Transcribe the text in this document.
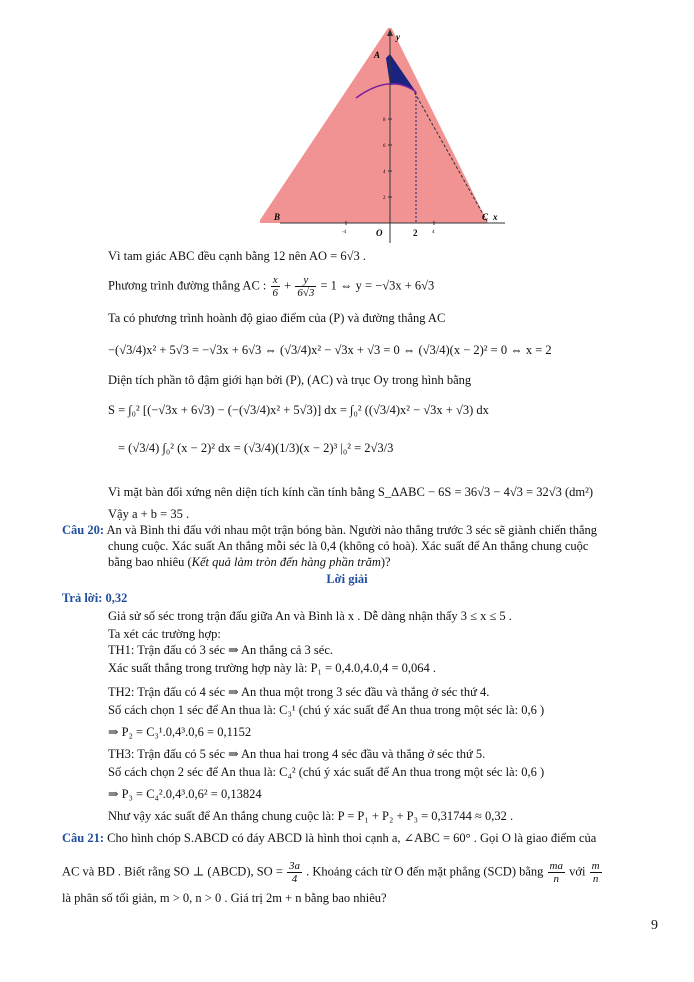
A
y
B	C x
O	2
-4	4
2
4
6
8
Vì tam giác ABC đều cạnh bằng 12 nên AO = 6√3 .
Phương trình đường thẳng AC : $\frac{x}{6} + \frac{y}{6√3} = 1$ ⇔ y = −√3x + 6√3
Ta có phương trình hoành độ giao điểm của (P) và đường thẳng AC
−(√3/4)x² + 5√3 = −√3x + 6√3 ⇔ (√3/4)x² − √3x + √3 = 0 ⇔ (√3/4)(x − 2)² = 0 ⇔ x = 2
Diện tích phần tô đậm giới hạn bởi (P), (AC) và trục Oy trong hình bằng
S = ∫₀² [(−√3x + 6√3) − (−(√3/4)x² + 5√3)] dx = ∫₀² ((√3/4)x² − √3x + √3) dx
= (√3/4) ∫₀² (x − 2)² dx = (√3/4)(1/3)(x − 2)³ |₀² = 2√3/3
Vì mặt bàn đối xứng nên diện tích kính cần tính bằng S_ΔABC − 6S = 36√3 − 4√3 = 32√3 (dm²)
Vậy a + b = 35 .
Câu 20: An và Bình thi đấu với nhau một trận bóng bàn. Người nào thắng trước 3 séc sẽ giành chiến thắng
chung cuộc. Xác suất An thắng mỗi séc là 0,4 (không có hoà). Xác suất để An thắng chung cuộc
bằng bao nhiêu (Kết quả làm tròn đến hàng phần trăm)?
Lời giải
Trả lời: 0,32
Giả sử số séc trong trận đấu giữa An và Bình là x . Dễ dàng nhận thấy 3 ≤ x ≤ 5 .
Ta xét các trường hợp:
TH1: Trận đấu có 3 séc ⇒ An thắng cả 3 séc.
Xác suất thắng trong trường hợp này là: P₁ = 0,4.0,4.0,4 = 0,064 .
TH2: Trận đấu có 4 séc ⇒ An thua một trong 3 séc đầu và thắng ở séc thứ 4.
Số cách chọn 1 séc để An thua là: C₃¹ (chú ý xác suất để An thua trong một séc là: 0,6 )
⇒ P₂ = C₃¹.0,4³.0,6 = 0,1152
TH3: Trận đấu có 5 séc ⇒ An thua hai trong 4 séc đầu và thắng ở séc thứ 5.
Số cách chọn 2 séc để An thua là: C₄² (chú ý xác suất để An thua trong một séc là: 0,6 )
⇒ P₃ = C₄².0,4³.0,6² = 0,13824
Như vậy xác suất để An thắng chung cuộc là: P = P₁ + P₂ + P₃ = 0,31744 ≈ 0,32 .
Câu 21: Cho hình chóp S.ABCD có đáy ABCD là hình thoi cạnh a, ∠ABC = 60° . Gọi O là giao điểm của
AC và BD . Biết rằng SO ⊥ (ABCD), SO = $\frac{3a}{4}$ . Khoảng cách từ O đến mặt phẳng (SCD) bằng $\frac{ma}{n}$ với $\frac{m}{n}$
là phân số tối giản, m > 0, n > 0 . Giá trị 2m + n bằng bao nhiêu?
9
